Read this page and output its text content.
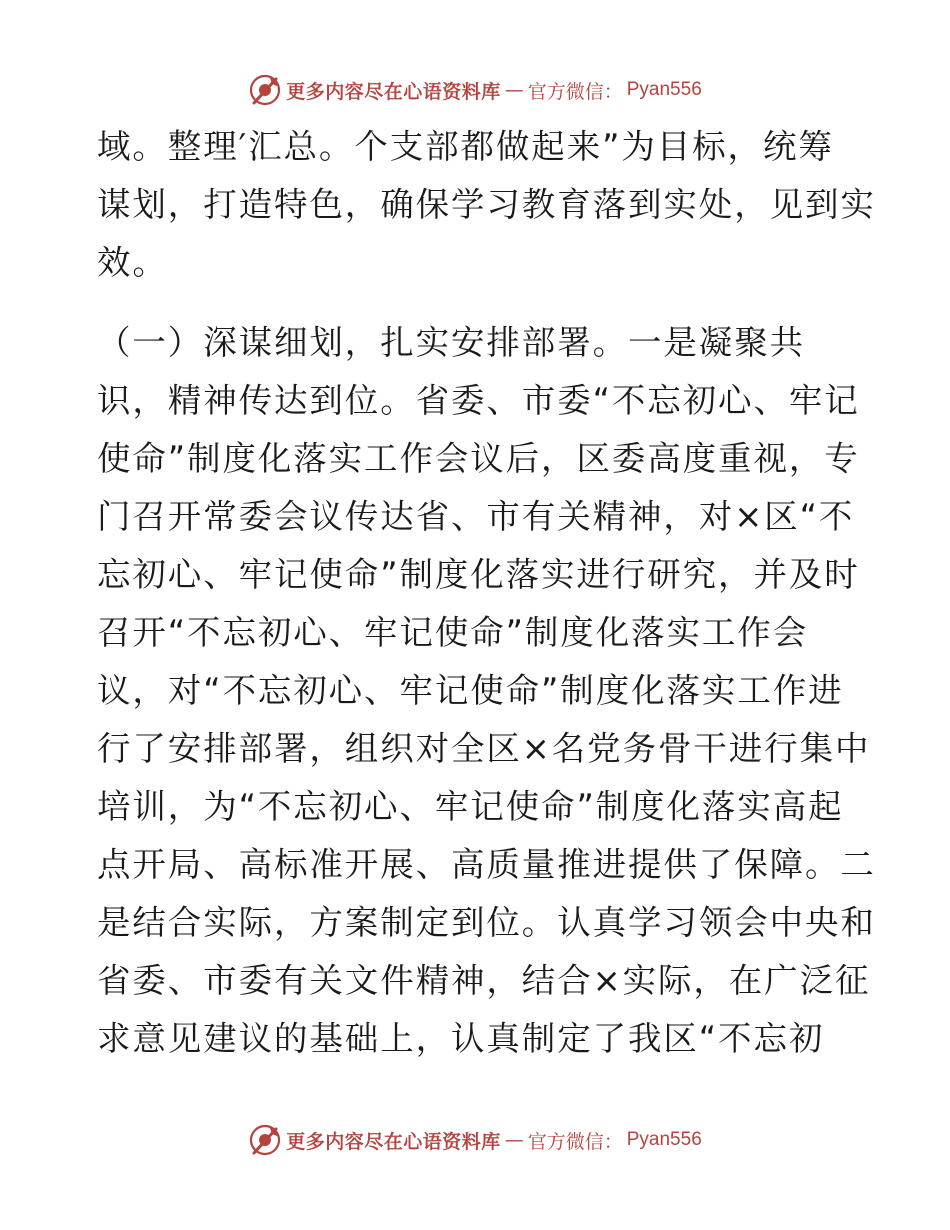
更多内容尽在心语资料库 — 官方微信： Pyan556
域。整理′汇总。个支部都做起来”为目标，统筹
谋划，打造特色，确保学习教育落到实处，见到实
效。
（一）深谋细划，扎实安排部署。一是凝聚共
识，精神传达到位。省委、市委“不忘初心、牢记
使命”制度化落实工作会议后，区委高度重视，专
门召开常委会议传达省、市有关精神，对×区“不
忘初心、牢记使命”制度化落实进行研究，并及时
召开“不忘初心、牢记使命”制度化落实工作会
议，对“不忘初心、牢记使命”制度化落实工作进
行了安排部署，组织对全区×名党务骨干进行集中
培训，为“不忘初心、牢记使命”制度化落实高起
点开局、高标准开展、高质量推进提供了保障。二
是结合实际，方案制定到位。认真学习领会中央和
省委、市委有关文件精神，结合×实际，在广泛征
求意见建议的基础上，认真制定了我区“不忘初
更多内容尽在心语资料库 — 官方微信： Pyan556
